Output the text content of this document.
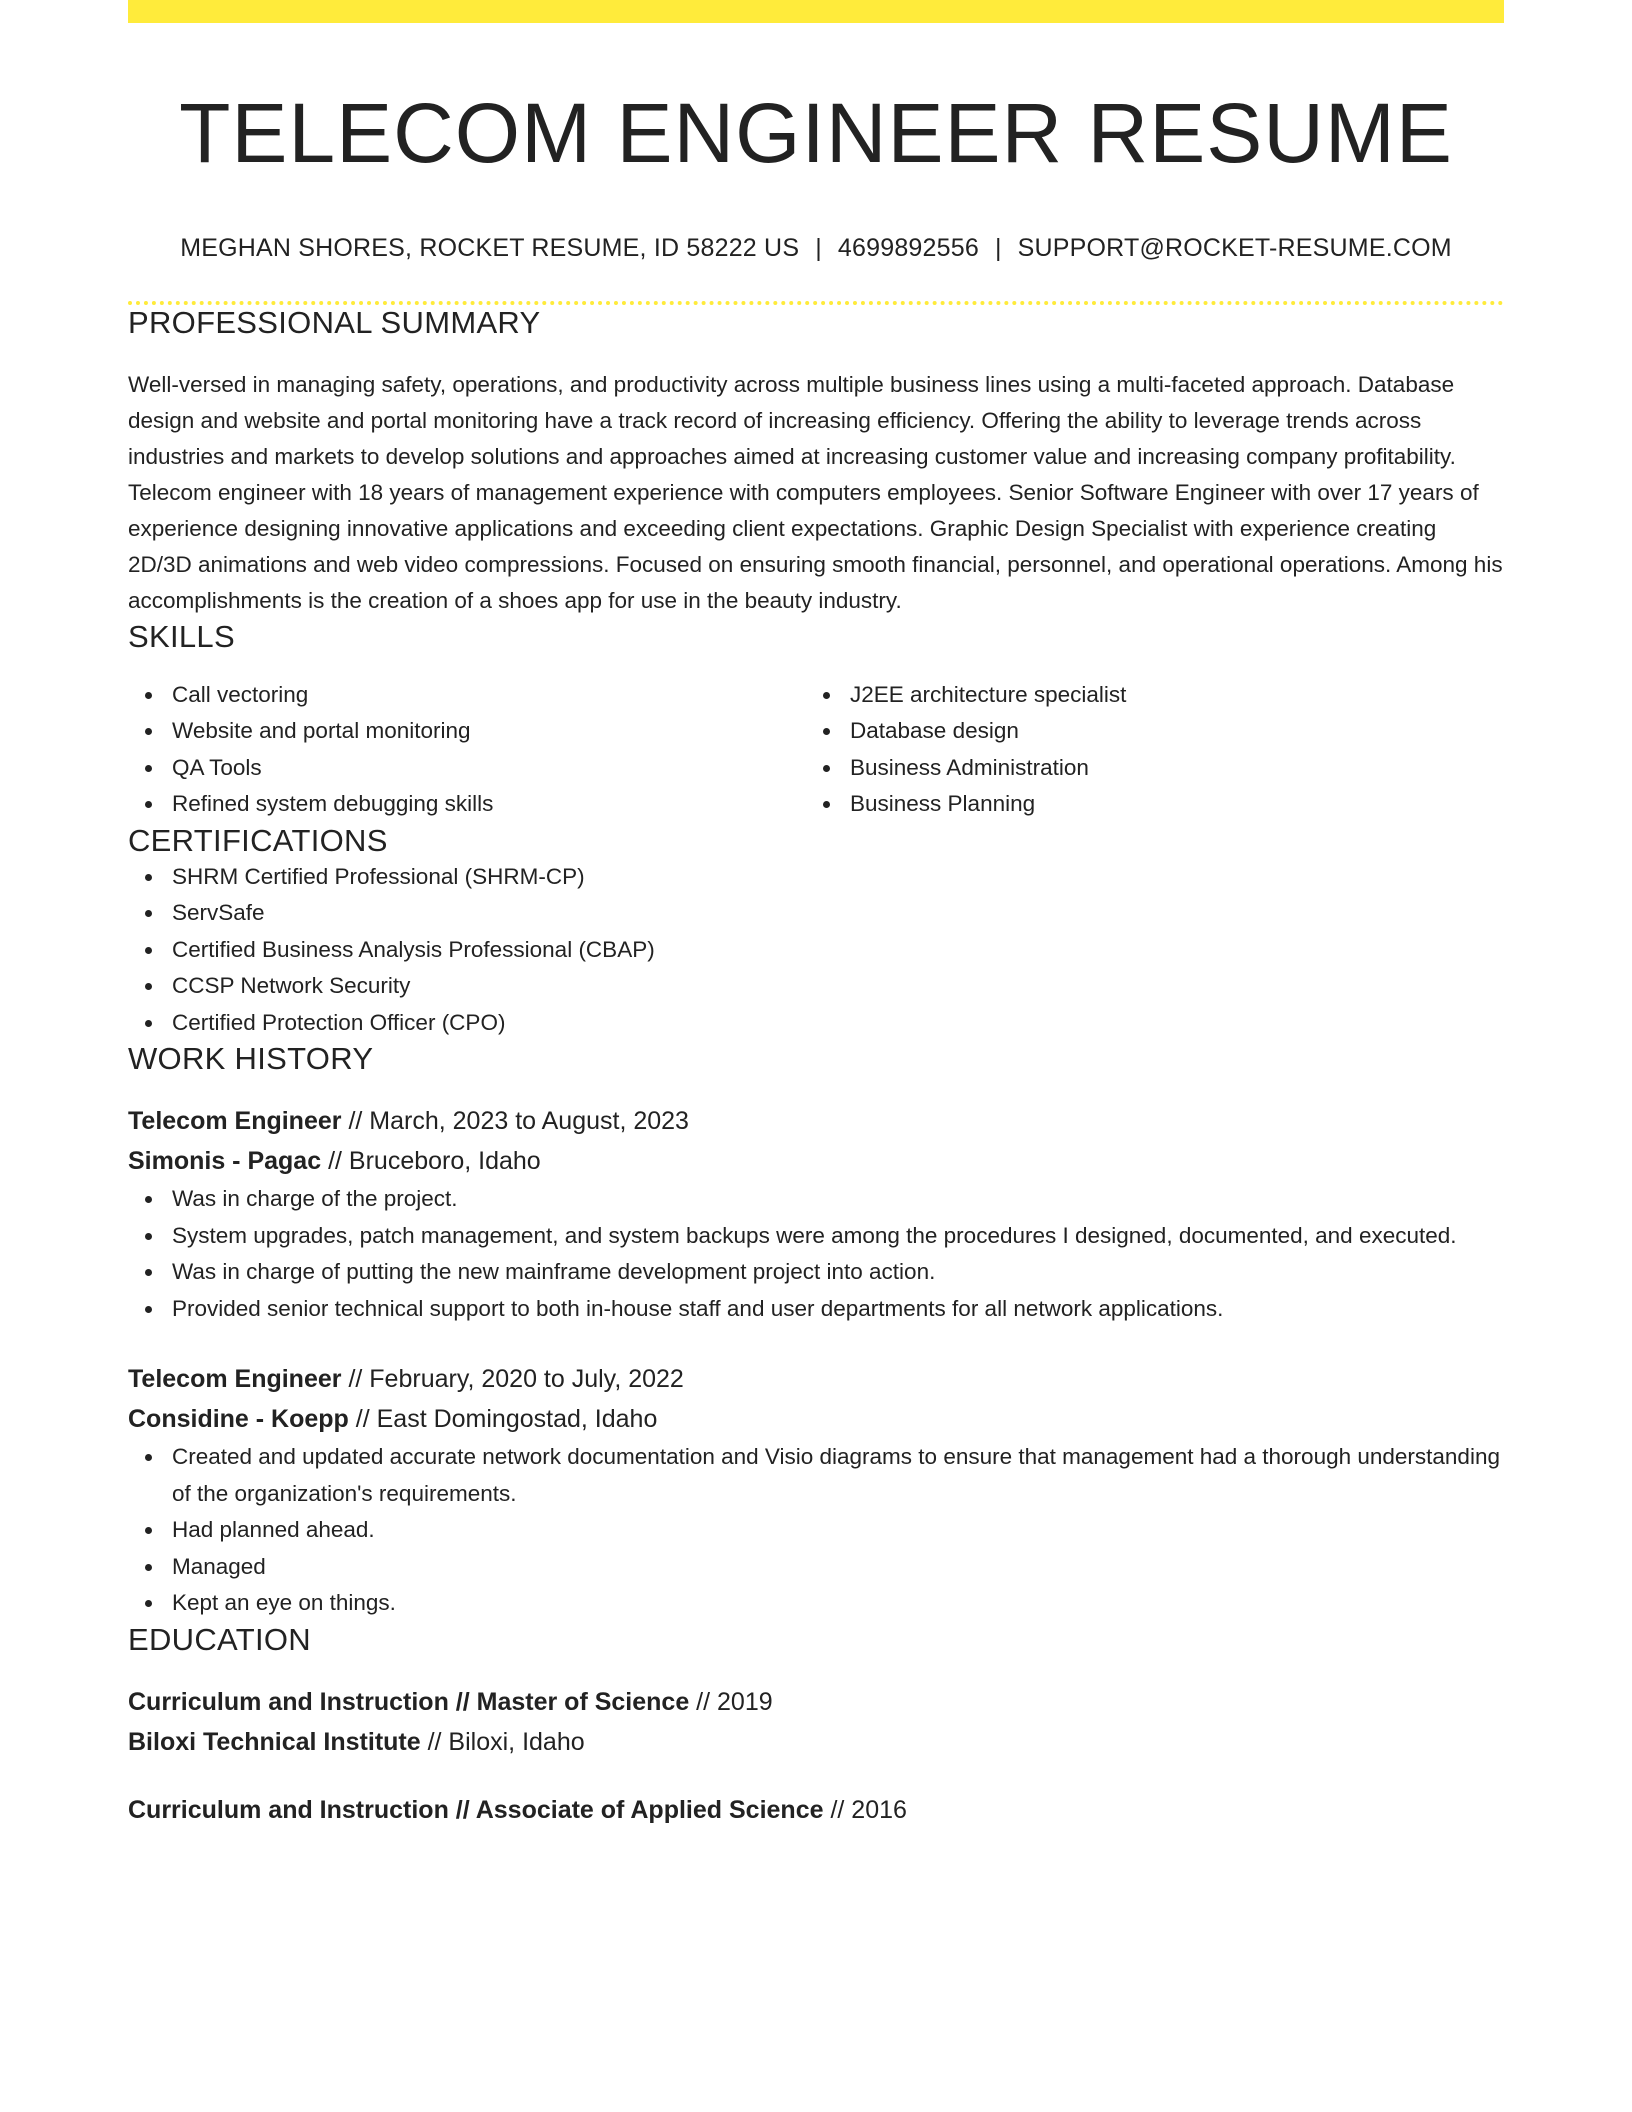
TELECOM ENGINEER RESUME
MEGHAN SHORES, ROCKET RESUME, ID 58222 US | 4699892556 | SUPPORT@ROCKET-RESUME.COM
PROFESSIONAL SUMMARY

Well-versed in managing safety, operations, and productivity across multiple business lines using a multi-faceted approach. Database design and website and portal monitoring have a track record of increasing efficiency. Offering the ability to leverage trends across industries and markets to develop solutions and approaches aimed at increasing customer value and increasing company profitability. Telecom engineer with 18 years of management experience with computers employees. Senior Software Engineer with over 17 years of experience designing innovative applications and exceeding client expectations. Graphic Design Specialist with experience creating 2D/3D animations and web video compressions. Focused on ensuring smooth financial, personnel, and operational operations. Among his accomplishments is the creation of a shoes app for use in the beauty industry.

SKILLS
Call vectoring
Website and portal monitoring
QA Tools
Refined system debugging skills
J2EE architecture specialist
Database design
Business Administration
Business Planning
CERTIFICATIONS
SHRM Certified Professional (SHRM-CP)
ServSafe
Certified Business Analysis Professional (CBAP)
CCSP Network Security
Certified Protection Officer (CPO)
WORK HISTORY
Telecom Engineer // March, 2023 to August, 2023
Simonis - Pagac // Bruceboro, Idaho
Was in charge of the project.
System upgrades, patch management, and system backups were among the procedures I designed, documented, and executed.
Was in charge of putting the new mainframe development project into action.
Provided senior technical support to both in-house staff and user departments for all network applications.
Telecom Engineer // February, 2020 to July, 2022
Considine - Koepp // East Domingostad, Idaho
Created and updated accurate network documentation and Visio diagrams to ensure that management had a thorough understanding of the organization's requirements.
Had planned ahead.
Managed
Kept an eye on things.
EDUCATION
Curriculum and Instruction // Master of Science // 2019
Biloxi Technical Institute // Biloxi, Idaho
Curriculum and Instruction // Associate of Applied Science // 2016
